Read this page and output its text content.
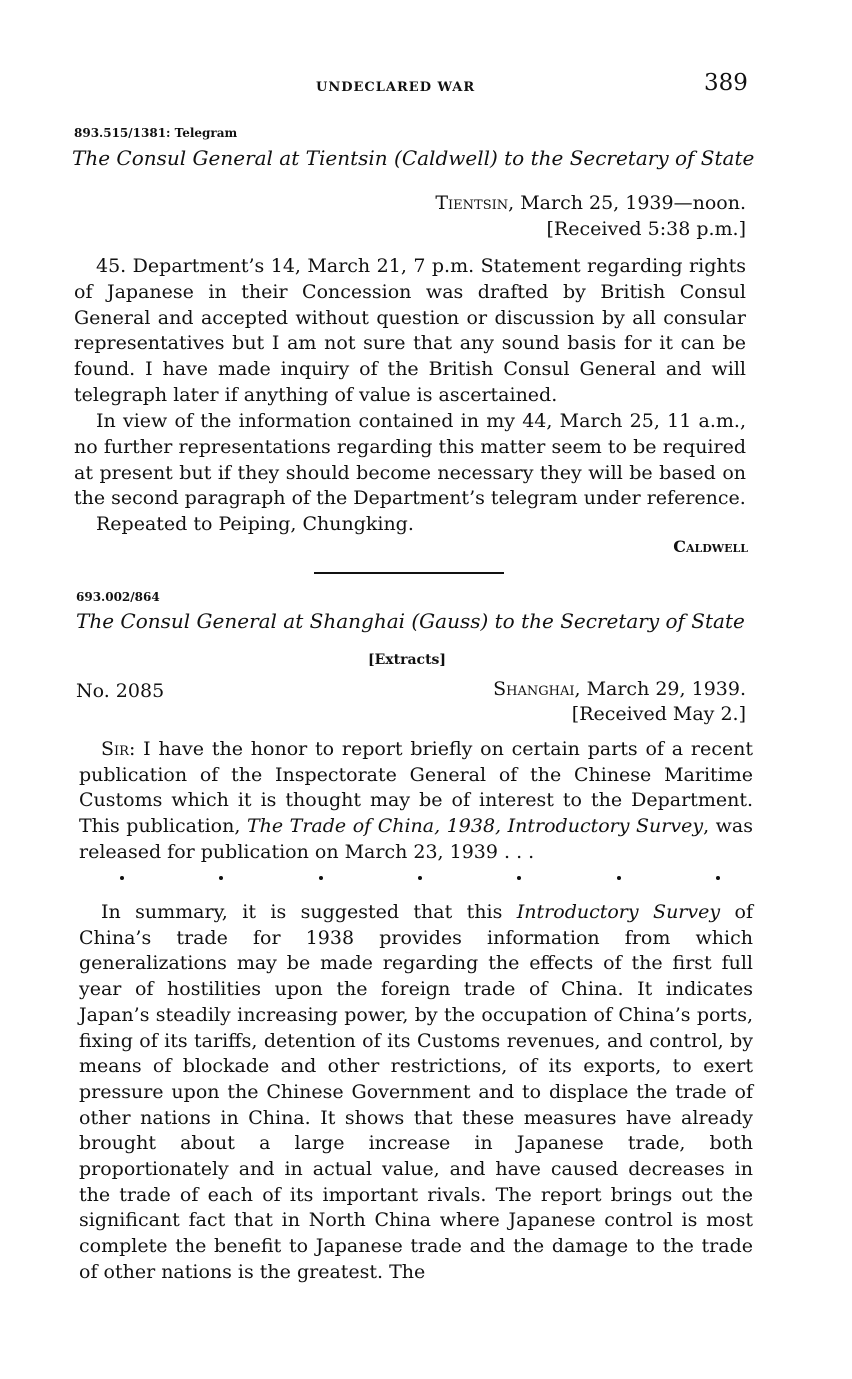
UNDECLARED WAR	389
893.515/1381: Telegram
The Consul General at Tientsin (Caldwell) to the Secretary of State
Tientsin, March 25, 1939—noon.
[Received 5:38 p.m.]

45. Department’s 14, March 21, 7 p.m. Statement regarding rights of Japanese in their Concession was drafted by British Consul General and accepted without question or discussion by all consular representatives but I am not sure that any sound basis for it can be found. I have made inquiry of the British Consul General and will telegraph later if anything of value is ascertained.

In view of the information contained in my 44, March 25, 11 a.m., no further representations regarding this matter seem to be required at present but if they should become necessary they will be based on the second paragraph of the Department’s telegram under reference.

Repeated to Peiping, Chungking.

Caldwell
693.002/864
The Consul General at Shanghai (Gauss) to the Secretary of State
[Extracts]
No. 2085	Shanghai, March 29, 1939.
[Received May 2.]

Sir: I have the honor to report briefly on certain parts of a recent publication of the Inspectorate General of the Chinese Maritime Customs which it is thought may be of interest to the Department. This publication, The Trade of China, 1938, Introductory Survey, was released for publication on March 23, 1939 . . .

In summary, it is suggested that this Introductory Survey of China’s trade for 1938 provides information from which generalizations may be made regarding the effects of the first full year of hostilities upon the foreign trade of China. It indicates Japan’s steadily increasing power, by the occupation of China’s ports, fixing of its tariffs, detention of its Customs revenues, and control, by means of blockade and other restrictions, of its exports, to exert pressure upon the Chinese Government and to displace the trade of other nations in China. It shows that these measures have already brought about a large increase in Japanese trade, both proportionately and in actual value, and have caused decreases in the trade of each of its important rivals. The report brings out the significant fact that in North China where Japanese control is most complete the benefit to Japanese trade and the damage to the trade of other nations is the greatest. The
